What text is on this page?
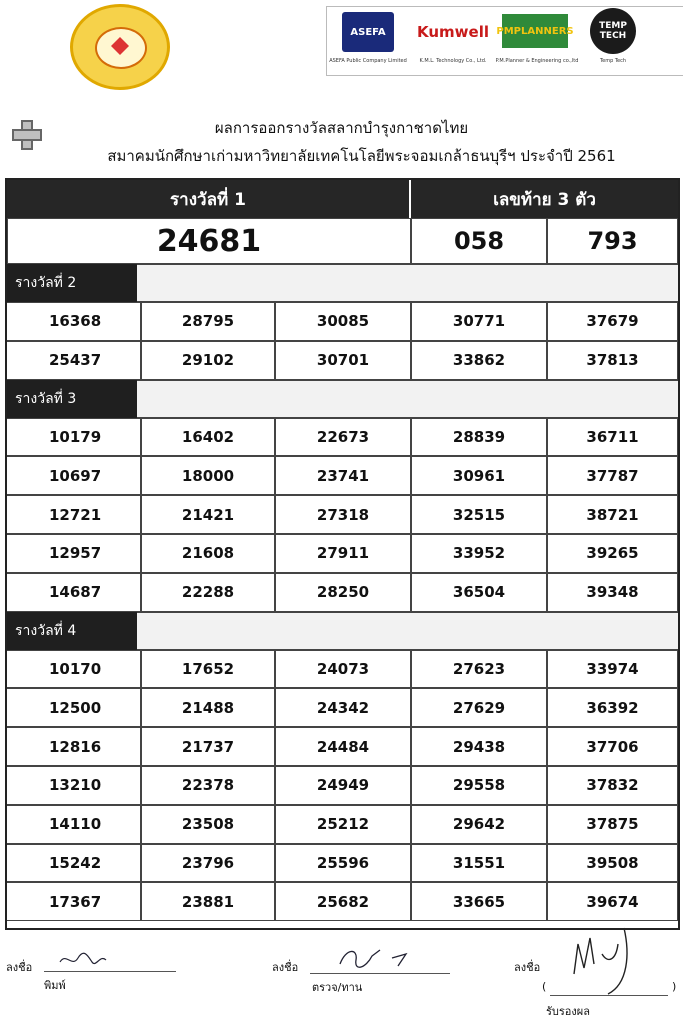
ASEFA
ASEFA Public Company Limited
Kumwell
K.M.L. Technology Co., Ltd.
PMPLANNERS
P.M.Planner & Engineering co.,ltd
TEMP TECH
Temp Tech
ผลการออกรางวัลสลากบำรุงกาชาดไทย
สมาคมนักศึกษาเก่ามหาวิทยาลัยเทคโนโลยีพระจอมเกล้าธนบุรีฯ ประจำปี 2561
รางวัลที่ 1	เลขท้าย 3 ตัว
24681	058	793
รางวัลที่ 2
16368	28795	30085	30771	37679
25437	29102	30701	33862	37813
รางวัลที่ 3
10179	16402	22673	28839	36711
10697	18000	23741	30961	37787
12721	21421	27318	32515	38721
12957	21608	27911	33952	39265
14687	22288	28250	36504	39348
รางวัลที่ 4
10170	17652	24073	27623	33974
12500	21488	24342	27629	36392
12816	21737	24484	29438	37706
13210	22378	24949	29558	37832
14110	23508	25212	29642	37875
15242	23796	25596	31551	39508
17367	23881	25682	33665	39674
ลงชื่อ
พิมพ์
ลงชื่อ
ตรวจ/ทาน
ลงชื่อ
(	)
รับรองผล
